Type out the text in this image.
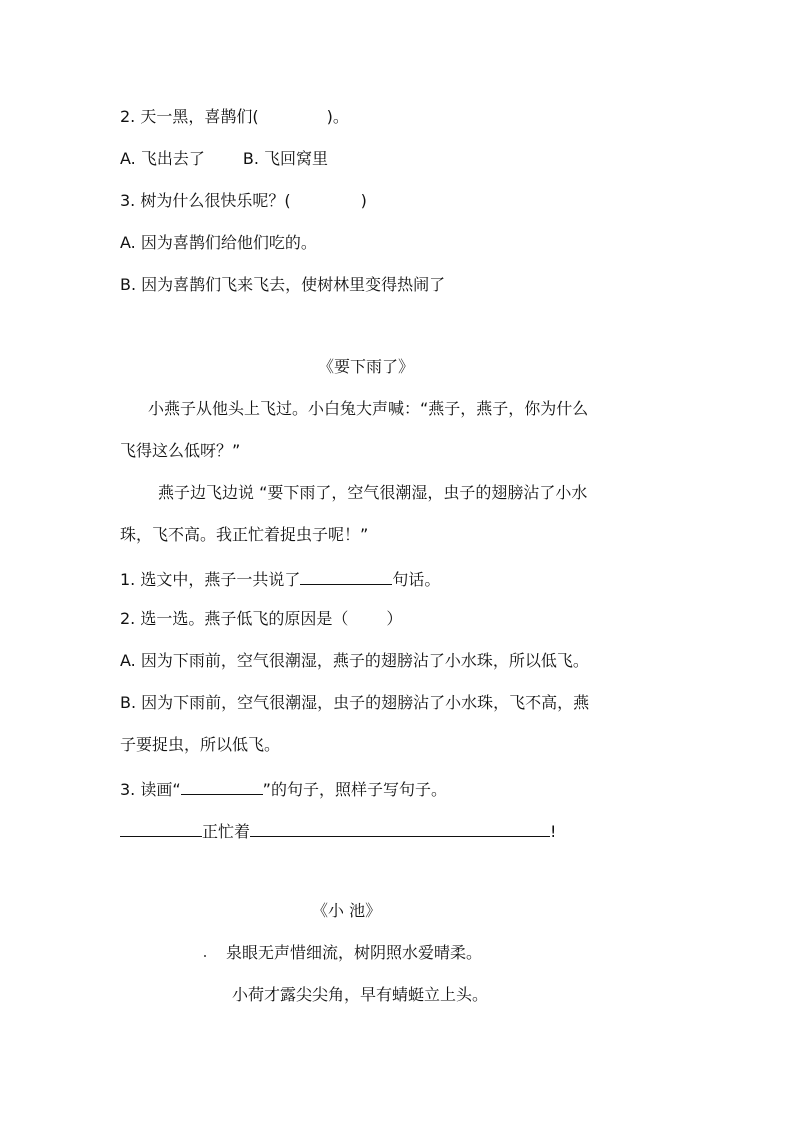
2. 天一黑，喜鹊们(	)。
A. 飞出去了 B. 飞回窝里
3. 树为什么很快乐呢？(	)
A. 因为喜鹊们给他们吃的。
B. 因为喜鹊们飞来飞去，使树林里变得热闹了
《要下雨了》
小燕子从他头上飞过。小白兔大声喊：“燕子，燕子，你为什么
飞得这么低呀？”
燕子边飞边说 “要下雨了，空气很潮湿，虫子的翅膀沾了小水
珠，飞不高。我正忙着捉虫子呢！”
1. 选文中，燕子一共说了	句话。
2. 选一选。燕子低飞的原因是（ ）
A. 因为下雨前，空气很潮湿，燕子的翅膀沾了小水珠，所以低飞。
B. 因为下雨前，空气很潮湿，虫子的翅膀沾了小水珠，飞不高，燕
子要捉虫，所以低飞。
3. 读画“	”的句子，照样子写句子。
正忙着	!
《小 池》
泉眼无声惜细流，树阴照水爱晴柔。
小荷才露尖尖角，早有蜻蜓立上头。
